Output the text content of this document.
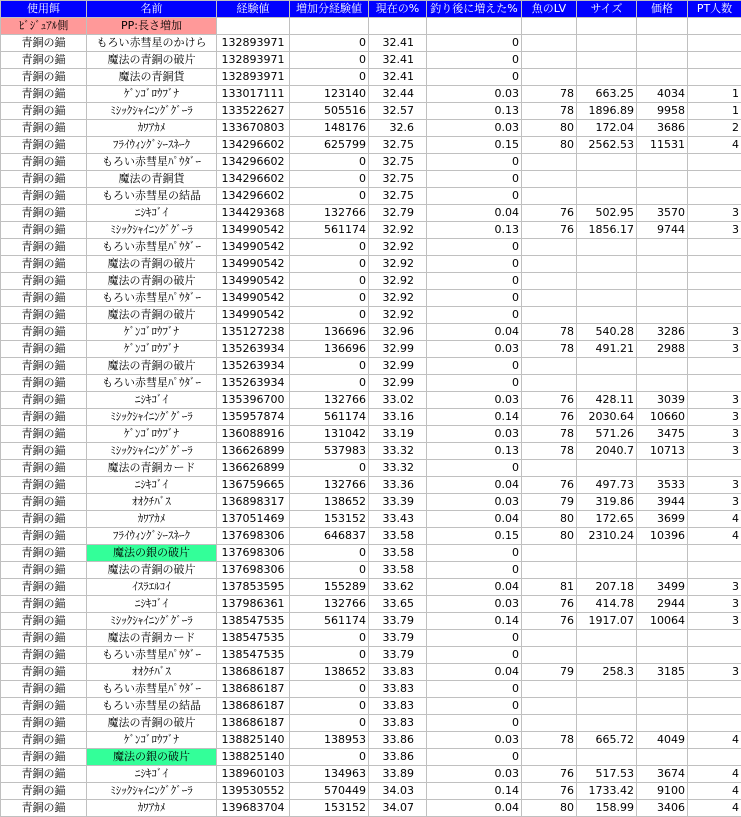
使用餌	名前	経験値	増加分経験値	現在の%	釣り後に増えた%	魚のLV	サイズ	価格	PT人数
ﾋﾞｼﾞｭｱﾙ側	PP:長さ増加								
青銅の錨	もろい赤彗星のかけら	132893971	0	32.41	0				
青銅の錨	魔法の青銅の破片	132893971	0	32.41	0				
青銅の錨	魔法の青銅貨	132893971	0	32.41	0				
青銅の錨	ｹﾞﾝｺﾞﾛｳﾌﾞﾅ	133017111	123140	32.44	0.03	78	663.25	4034	1
青銅の錨	ﾐｼｯｸｼｬｲﾆﾝｸﾞｸﾞｰﾗ	133522627	505516	32.57	0.13	78	1896.89	9958	1
青銅の錨	ｶﾜｱｶﾒ	133670803	148176	32.6	0.03	80	172.04	3686	2
青銅の錨	ﾌﾗｲｳｨﾝｸﾞｼｰｽﾈｰｸ	134296602	625799	32.75	0.15	80	2562.53	11531	4
青銅の錨	もろい赤彗星ﾊﾟｳﾀﾞｰ	134296602	0	32.75	0				
青銅の錨	魔法の青銅貨	134296602	0	32.75	0				
青銅の錨	もろい赤彗星の結晶	134296602	0	32.75	0				
青銅の錨	ﾆｼｷｺﾞｲ	134429368	132766	32.79	0.04	76	502.95	3570	3
青銅の錨	ﾐｼｯｸｼｬｲﾆﾝｸﾞｸﾞｰﾗ	134990542	561174	32.92	0.13	76	1856.17	9744	3
青銅の錨	もろい赤彗星ﾊﾟｳﾀﾞｰ	134990542	0	32.92	0				
青銅の錨	魔法の青銅の破片	134990542	0	32.92	0				
青銅の錨	魔法の青銅の破片	134990542	0	32.92	0				
青銅の錨	もろい赤彗星ﾊﾟｳﾀﾞｰ	134990542	0	32.92	0				
青銅の錨	魔法の青銅の破片	134990542	0	32.92	0				
青銅の錨	ｹﾞﾝｺﾞﾛｳﾌﾞﾅ	135127238	136696	32.96	0.04	78	540.28	3286	3
青銅の錨	ｹﾞﾝｺﾞﾛｳﾌﾞﾅ	135263934	136696	32.99	0.03	78	491.21	2988	3
青銅の錨	魔法の青銅の破片	135263934	0	32.99	0				
青銅の錨	もろい赤彗星ﾊﾟｳﾀﾞｰ	135263934	0	32.99	0				
青銅の錨	ﾆｼｷｺﾞｲ	135396700	132766	33.02	0.03	76	428.11	3039	3
青銅の錨	ﾐｼｯｸｼｬｲﾆﾝｸﾞｸﾞｰﾗ	135957874	561174	33.16	0.14	76	2030.64	10660	3
青銅の錨	ｹﾞﾝｺﾞﾛｳﾌﾞﾅ	136088916	131042	33.19	0.03	78	571.26	3475	3
青銅の錨	ﾐｼｯｸｼｬｲﾆﾝｸﾞｸﾞｰﾗ	136626899	537983	33.32	0.13	78	2040.7	10713	3
青銅の錨	魔法の青銅カード	136626899	0	33.32	0				
青銅の錨	ﾆｼｷｺﾞｲ	136759665	132766	33.36	0.04	76	497.73	3533	3
青銅の錨	ｵｵｸﾁﾊﾞｽ	136898317	138652	33.39	0.03	79	319.86	3944	3
青銅の錨	ｶﾜｱｶﾒ	137051469	153152	33.43	0.04	80	172.65	3699	4
青銅の錨	ﾌﾗｲｳｨﾝｸﾞｼｰｽﾈｰｸ	137698306	646837	33.58	0.15	80	2310.24	10396	4
青銅の錨	魔法の銀の破片	137698306	0	33.58	0				
青銅の錨	魔法の青銅の破片	137698306	0	33.58	0				
青銅の錨	ｲｽﾗｴﾙｺｲ	137853595	155289	33.62	0.04	81	207.18	3499	3
青銅の錨	ﾆｼｷｺﾞｲ	137986361	132766	33.65	0.03	76	414.78	2944	3
青銅の錨	ﾐｼｯｸｼｬｲﾆﾝｸﾞｸﾞｰﾗ	138547535	561174	33.79	0.14	76	1917.07	10064	3
青銅の錨	魔法の青銅カード	138547535	0	33.79	0				
青銅の錨	もろい赤彗星ﾊﾟｳﾀﾞｰ	138547535	0	33.79	0				
青銅の錨	ｵｵｸﾁﾊﾞｽ	138686187	138652	33.83	0.04	79	258.3	3185	3
青銅の錨	もろい赤彗星ﾊﾟｳﾀﾞｰ	138686187	0	33.83	0				
青銅の錨	もろい赤彗星の結晶	138686187	0	33.83	0				
青銅の錨	魔法の青銅の破片	138686187	0	33.83	0				
青銅の錨	ｹﾞﾝｺﾞﾛｳﾌﾞﾅ	138825140	138953	33.86	0.03	78	665.72	4049	4
青銅の錨	魔法の銀の破片	138825140	0	33.86	0				
青銅の錨	ﾆｼｷｺﾞｲ	138960103	134963	33.89	0.03	76	517.53	3674	4
青銅の錨	ﾐｼｯｸｼｬｲﾆﾝｸﾞｸﾞｰﾗ	139530552	570449	34.03	0.14	76	1733.42	9100	4
青銅の錨	ｶﾜｱｶﾒ	139683704	153152	34.07	0.04	80	158.99	3406	4
